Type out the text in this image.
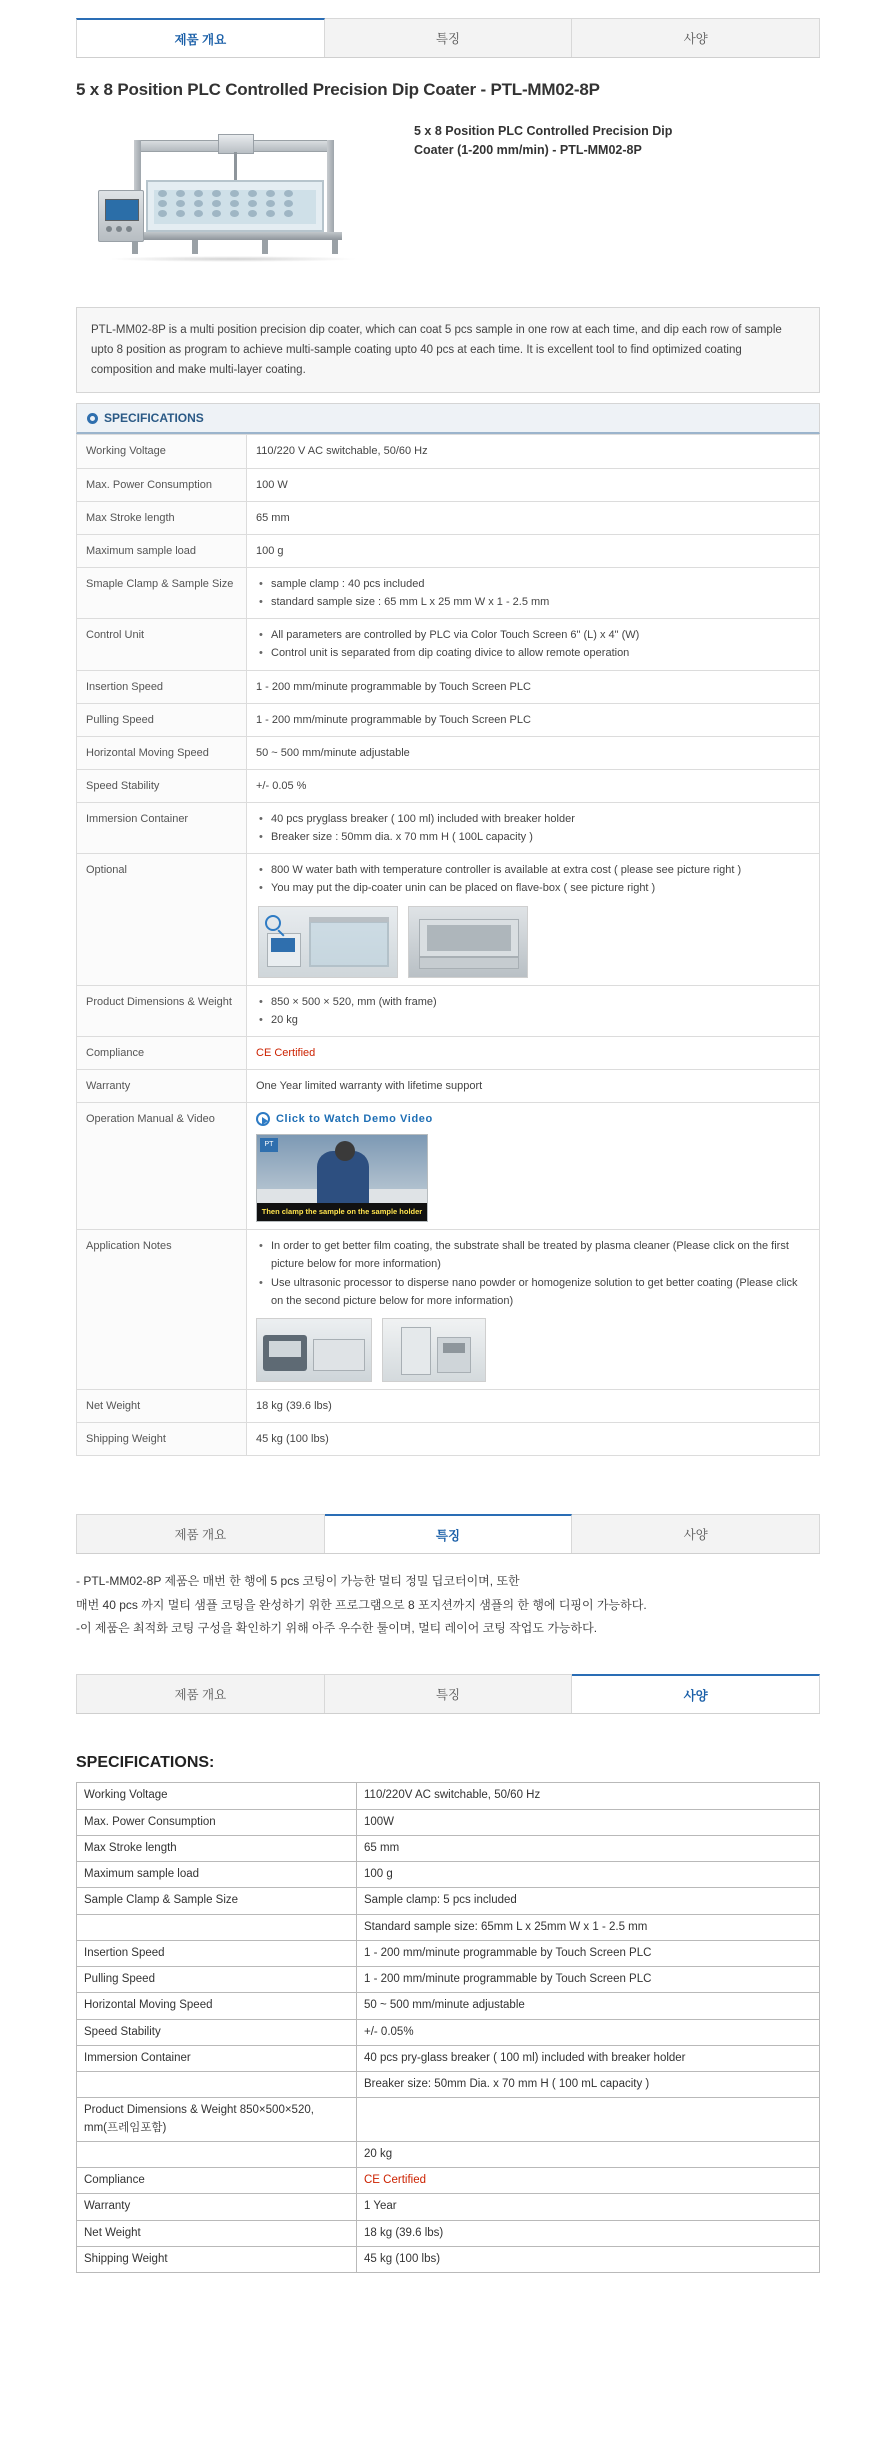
제품 개요	특징	사양
5 x 8 Position PLC Controlled Precision Dip Coater - PTL-MM02-8P
5 x 8 Position PLC Controlled Precision Dip Coater (1-200 mm/min) - PTL-MM02-8P
PTL-MM02-8P is a multi position precision dip coater, which can coat 5 pcs sample in one row at each time, and dip each row of sample upto 8 position as program to achieve multi-sample coating upto 40 pcs at each time. It is excellent tool to find optimized coating composition and make multi-layer coating.
SPECIFICATIONS
Working Voltage	110/220 V AC switchable, 50/60 Hz
Max. Power Consumption	100 W
Max Stroke length	65 mm
Maximum sample load	100 g
Smaple Clamp & Sample Size	
•sample clamp : 40 pcs included
• standard sample size : 65 mm L x 25 mm W x 1 - 2.5 mm

Control Unit	
•All parameters are controlled by PLC via Color Touch Screen 6" (L) x 4" (W)
• Control unit is separated from dip coating divice to allow remote operation

Insertion Speed	1 - 200 mm/minute programmable by Touch Screen PLC
Pulling Speed	1 - 200 mm/minute programmable by Touch Screen PLC
Horizontal Moving Speed	50 ~ 500 mm/minute adjustable
Speed Stability	+/- 0.05 %
Immersion Container	
•40 pcs pryglass breaker ( 100 ml) included with breaker holder
• Breaker size : 50mm dia. x 70 mm H ( 100L capacity )

Optional	
•800 W water bath with temperature controller is available at extra cost ( please see picture right )
• You may put the dip-coater unin can be placed on flave-box ( see picture right )

Product Dimensions & Weight	
•850 × 500 × 520, mm (with frame)
• 20 kg

Compliance	CE Certified
Warranty	One Year limited warranty with lifetime support
Operation Manual & Video	Click to Watch Demo Video
PT
Then clamp the sample on the sample holder

Application Notes	
•In order to get better film coating, the substrate shall be treated by plasma cleaner (Please click on the first picture below for more information)
• Use ultrasonic processor to disperse nano powder or homogenize solution to get better coating (Please click on the second picture below for more information)

Net Weight	18 kg (39.6 lbs)
Shipping Weight	45 kg (100 lbs)
제품 개요	특징	사양
- PTL-MM02-8P 제품은 매번 한 행에 5 pcs 코팅이 가능한 멀티 정밀 딥코터이며, 또한
매번 40 pcs 까지 멀티 샘플 코팅을 완성하기 위한 프로그램으로 8 포지션까지 샘플의 한 행에 디핑이 가능하다.
-이 제품은 최적화 코팅 구성을 확인하기 위해 아주 우수한 툴이며, 멀티 레이어 코팅 작업도 가능하다.
제품 개요	특징	사양
SPECIFICATIONS:
Working Voltage	110/220V AC switchable, 50/60 Hz
Max. Power Consumption	100W
Max Stroke length	65 mm
Maximum sample load	100 g
Sample Clamp & Sample Size	Sample clamp: 5 pcs included
	Standard sample size: 65mm L x 25mm W x 1 - 2.5 mm
Insertion Speed	1 - 200 mm/minute programmable by Touch Screen PLC
Pulling Speed	1 - 200 mm/minute programmable by Touch Screen PLC
Horizontal Moving Speed	50 ~ 500 mm/minute adjustable
Speed Stability	+/- 0.05%
Immersion Container	40 pcs pry-glass breaker ( 100 ml) included with breaker holder
	Breaker size: 50mm Dia. x 70 mm H ( 100 mL capacity )
Product Dimensions & Weight 850×500×520, mm(프레임포함)	
	20 kg
Compliance	CE Certified
Warranty	1 Year
Net Weight	18 kg (39.6 lbs)
Shipping Weight	45 kg (100 lbs)
